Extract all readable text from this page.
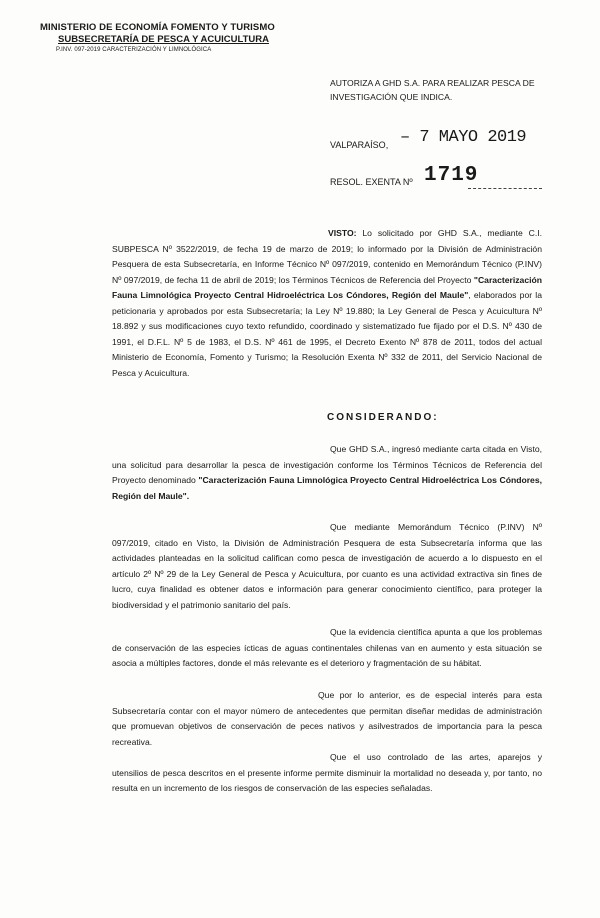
MINISTERIO DE ECONOMÍA FOMENTO Y TURISMO
SUBSECRETARÍA DE PESCA Y ACUICULTURA
P.INV. 097-2019 CARACTERIZACIÓN Y LIMNOLÓGICA
AUTORIZA A GHD S.A. PARA REALIZAR PESCA DE INVESTIGACIÓN QUE INDICA.
VALPARAÍSO, – 7 MAYO 2019
RESOL. EXENTA Nº 1719
VISTO: Lo solicitado por GHD S.A., mediante C.I. SUBPESCA Nº 3522/2019, de fecha 19 de marzo de 2019; lo informado por la División de Administración Pesquera de esta Subsecretaría, en Informe Técnico Nº 097/2019, contenido en Memorándum Técnico (P.INV) Nº 097/2019, de fecha 11 de abril de 2019; los Términos Técnicos de Referencia del Proyecto "Caracterización Fauna Limnológica Proyecto Central Hidroeléctrica Los Cóndores, Región del Maule", elaborados por la peticionaria y aprobados por esta Subsecretaría; la Ley Nº 19.880; la Ley General de Pesca y Acuicultura Nº 18.892 y sus modificaciones cuyo texto refundido, coordinado y sistematizado fue fijado por el D.S. Nº 430 de 1991, el D.F.L. Nº 5 de 1983, el D.S. Nº 461 de 1995, el Decreto Exento Nº 878 de 2011, todos del actual Ministerio de Economía, Fomento y Turismo; la Resolución Exenta Nº 332 de 2011, del Servicio Nacional de Pesca y Acuicultura.
CONSIDERANDO:
Que GHD S.A., ingresó mediante carta citada en Visto, una solicitud para desarrollar la pesca de investigación conforme los Términos Técnicos de Referencia del Proyecto denominado "Caracterización Fauna Limnológica Proyecto Central Hidroeléctrica Los Cóndores, Región del Maule".
Que mediante Memorándum Técnico (P.INV) Nº 097/2019, citado en Visto, la División de Administración Pesquera de esta Subsecretaría informa que las actividades planteadas en la solicitud califican como pesca de investigación de acuerdo a lo dispuesto en el artículo 2º Nº 29 de la Ley General de Pesca y Acuicultura, por cuanto es una actividad extractiva sin fines de lucro, cuya finalidad es obtener datos e información para generar conocimiento científico, para proteger la biodiversidad y el patrimonio sanitario del país.
Que la evidencia científica apunta a que los problemas de conservación de las especies ícticas de aguas continentales chilenas van en aumento y esta situación se asocia a múltiples factores, donde el más relevante es el deterioro y fragmentación de su hábitat.
Que por lo anterior, es de especial interés para esta Subsecretaría contar con el mayor número de antecedentes que permitan diseñar medidas de administración que promuevan objetivos de conservación de peces nativos y asilvestrados de importancia para la pesca recreativa.
Que el uso controlado de las artes, aparejos y utensilios de pesca descritos en el presente informe permite disminuir la mortalidad no deseada y, por tanto, no resulta en un incremento de los riesgos de conservación de las especies señaladas.
